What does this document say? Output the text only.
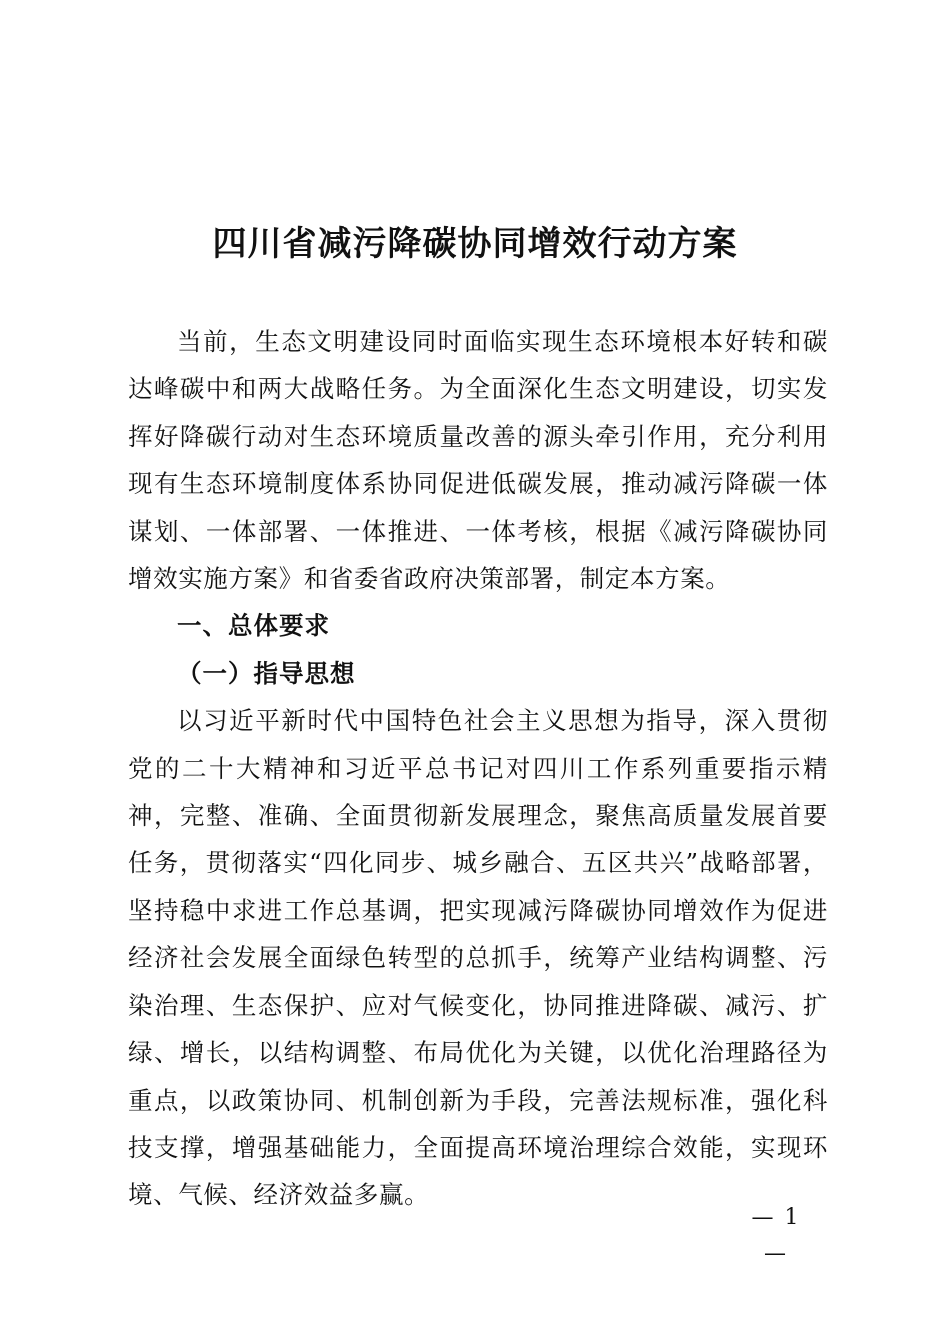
四川省减污降碳协同增效行动方案

当前，生态文明建设同时面临实现生态环境根本好转和碳达峰碳中和两大战略任务。为全面深化生态文明建设，切实发挥好降碳行动对生态环境质量改善的源头牵引作用，充分利用现有生态环境制度体系协同促进低碳发展，推动减污降碳一体谋划、一体部署、一体推进、一体考核，根据《减污降碳协同增效实施方案》和省委省政府决策部署，制定本方案。

一、总体要求

（一）指导思想

以习近平新时代中国特色社会主义思想为指导，深入贯彻党的二十大精神和习近平总书记对四川工作系列重要指示精神，完整、准确、全面贯彻新发展理念，聚焦高质量发展首要任务，贯彻落实“四化同步、城乡融合、五区共兴”战略部署，坚持稳中求进工作总基调，把实现减污降碳协同增效作为促进经济社会发展全面绿色转型的总抓手，统筹产业结构调整、污染治理、生态保护、应对气候变化，协同推进降碳、减污、扩绿、增长，以结构调整、布局优化为关键，以优化治理路径为重点，以政策协同、机制创新为手段，完善法规标准，强化科技支撑，增强基础能力，全面提高环境治理综合效能，实现环境、气候、经济效益多赢。

— 1 —
